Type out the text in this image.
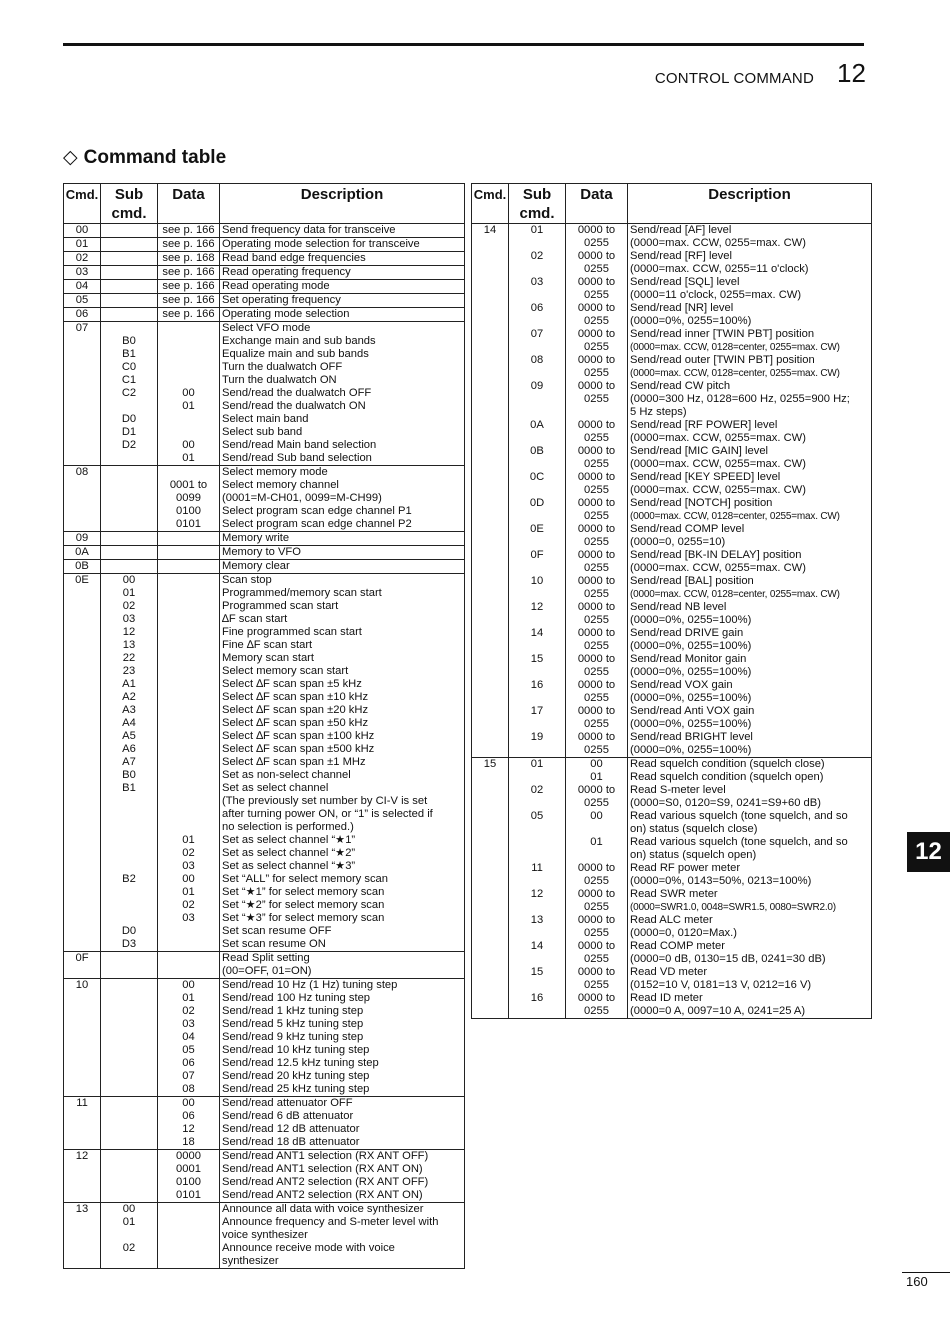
CONTROL COMMAND 12
◇ Command table
Cmd.	Sub cmd.	Data	Description
00		see p. 166	Send frequency data for transceive
01		see p. 166	Operating mode selection for transceive
02		see p. 168	Read band edge frequencies
03		see p. 166	Read operating frequency
04		see p. 166	Read operating mode
05		see p. 166	Set operating frequency
06		see p. 166	Operating mode selection
07			Select VFO mode
	B0		Exchange main and sub bands
	B1		Equalize main and sub bands
	C0		Turn the dualwatch OFF
	C1		Turn the dualwatch ON
	C2	00	Send/read the dualwatch OFF
		01	Send/read the dualwatch ON
	D0		Select main band
	D1		Select sub band
	D2	00	Send/read Main band selection
		01	Send/read Sub band selection
08			Select memory mode
		0001 to	Select memory channel
		0099	(0001=M-CH01, 0099=M-CH99)
		0100	Select program scan edge channel P1
		0101	Select program scan edge channel P2
09			Memory write
0A			Memory to VFO
0B			Memory clear
0E	00		Scan stop
	01		Programmed/memory scan start
	02		Programmed scan start
	03		∆F scan start
	12		Fine programmed scan start
	13		Fine ∆F scan start
	22		Memory scan start
	23		Select memory scan start
	A1		Select ∆F scan span ±5 kHz
	A2		Select ∆F scan span ±10 kHz
	A3		Select ∆F scan span ±20 kHz
	A4		Select ∆F scan span ±50 kHz
	A5		Select ∆F scan span ±100 kHz
	A6		Select ∆F scan span ±500 kHz
	A7		Select ∆F scan span ±1 MHz
	B0		Set as non-select channel
	B1		Set as select channel
			(The previously set number by CI-V is set
			after turning power ON, or “1” is selected if
			no selection is performed.)
		01	Set as select channel “★1”
		02	Set as select channel “★2”
		03	Set as select channel “★3”
	B2	00	Set “ALL” for select memory scan
		01	Set “★1” for select memory scan
		02	Set “★2” for select memory scan
		03	Set “★3” for select memory scan
	D0		Set scan resume OFF
	D3		Set scan resume ON
0F			Read Split setting
			(00=OFF, 01=ON)
10		00	Send/read 10 Hz (1 Hz) tuning step
		01	Send/read 100 Hz tuning step
		02	Send/read 1 kHz tuning step
		03	Send/read 5 kHz tuning step
		04	Send/read 9 kHz tuning step
		05	Send/read 10 kHz tuning step
		06	Send/read 12.5 kHz tuning step
		07	Send/read 20 kHz tuning step
		08	Send/read 25 kHz tuning step
11		00	Send/read attenuator OFF
		06	Send/read 6 dB attenuator
		12	Send/read 12 dB attenuator
		18	Send/read 18 dB attenuator
12		0000	Send/read ANT1 selection (RX ANT OFF)
		0001	Send/read ANT1 selection (RX ANT ON)
		0100	Send/read ANT2 selection (RX ANT OFF)
		0101	Send/read ANT2 selection (RX ANT ON)
13	00		Announce all data with voice synthesizer
	01		Announce frequency and S-meter level with
			voice synthesizer
	02		Announce receive mode with voice
			synthesizer
Cmd.	Sub cmd.	Data	Description
14	01	0000 to	Send/read [AF] level
		0255	(0000=max. CCW, 0255=max. CW)
	02	0000 to	Send/read [RF] level
		0255	(0000=max. CCW, 0255=11 o'clock)
	03	0000 to	Send/read [SQL] level
		0255	(0000=11 o'clock, 0255=max. CW)
	06	0000 to	Send/read [NR] level
		0255	(0000=0%, 0255=100%)
	07	0000 to	Send/read inner [TWIN PBT] position
		0255	(0000=max. CCW, 0128=center, 0255=max. CW)
	08	0000 to	Send/read outer [TWIN PBT] position
		0255	(0000=max. CCW, 0128=center, 0255=max. CW)
	09	0000 to	Send/read CW pitch
		0255	(0000=300 Hz, 0128=600 Hz, 0255=900 Hz;
			5 Hz steps)
	0A	0000 to	Send/read [RF POWER] level
		0255	(0000=max. CCW, 0255=max. CW)
	0B	0000 to	Send/read [MIC GAIN] level
		0255	(0000=max. CCW, 0255=max. CW)
	0C	0000 to	Send/read [KEY SPEED] level
		0255	(0000=max. CCW, 0255=max. CW)
	0D	0000 to	Send/read [NOTCH] position
		0255	(0000=max. CCW, 0128=center, 0255=max. CW)
	0E	0000 to	Send/read COMP level
		0255	(0000=0, 0255=10)
	0F	0000 to	Send/read [BK-IN DELAY] position
		0255	(0000=max. CCW, 0255=max. CW)
	10	0000 to	Send/read [BAL] position
		0255	(0000=max. CCW, 0128=center, 0255=max. CW)
	12	0000 to	Send/read NB level
		0255	(0000=0%, 0255=100%)
	14	0000 to	Send/read DRIVE gain
		0255	(0000=0%, 0255=100%)
	15	0000 to	Send/read Monitor gain
		0255	(0000=0%, 0255=100%)
	16	0000 to	Send/read VOX gain
		0255	(0000=0%, 0255=100%)
	17	0000 to	Send/read Anti VOX gain
		0255	(0000=0%, 0255=100%)
	19	0000 to	Send/read BRIGHT level
		0255	(0000=0%, 0255=100%)
15	01	00	Read squelch condition (squelch close)
		01	Read squelch condition (squelch open)
	02	0000 to	Read S-meter level
		0255	(0000=S0, 0120=S9, 0241=S9+60 dB)
	05	00	Read various squelch (tone squelch, and so
			on) status (squelch close)
		01	Read various squelch (tone squelch, and so
			on) status (squelch open)
	11	0000 to	Read RF power meter
		0255	(0000=0%, 0143=50%, 0213=100%)
	12	0000 to	Read SWR meter
		0255	(0000=SWR1.0, 0048=SWR1.5, 0080=SWR2.0)
	13	0000 to	Read ALC meter
		0255	(0000=0, 0120=Max.)
	14	0000 to	Read COMP meter
		0255	(0000=0 dB, 0130=15 dB, 0241=30 dB)
	15	0000 to	Read VD meter
		0255	(0152=10 V, 0181=13 V, 0212=16 V)
	16	0000 to	Read ID meter
		0255	(0000=0 A, 0097=10 A, 0241=25 A)
12
160
